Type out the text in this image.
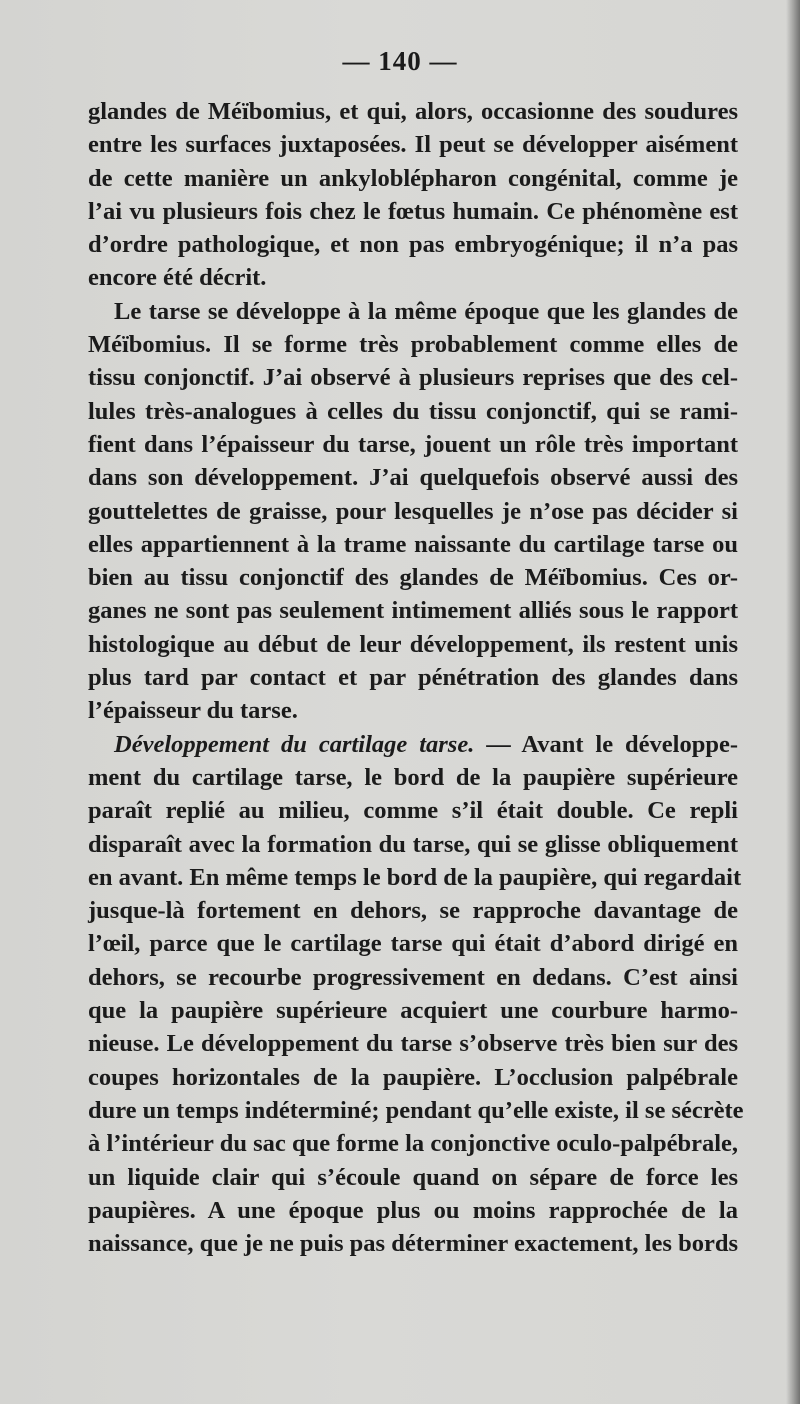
— 140 —
glandes de Méïbomius, et qui, alors, occasionne des soudures
entre les surfaces juxtaposées. Il peut se développer aisément
de cette manière un ankyloblépharon congénital, comme je
l’ai vu plusieurs fois chez le fœtus humain. Ce phénomène est
d’ordre pathologique, et non pas embryogénique; il n’a pas
encore été décrit.
Le tarse se développe à la même époque que les glandes de
Méïbomius. Il se forme très probablement comme elles de
tissu conjonctif. J’ai observé à plusieurs reprises que des cel-
lules très-analogues à celles du tissu conjonctif, qui se rami-
fient dans l’épaisseur du tarse, jouent un rôle très important
dans son développement. J’ai quelquefois observé aussi des
gouttelettes de graisse, pour lesquelles je n’ose pas décider si
elles appartiennent à la trame naissante du cartilage tarse ou
bien au tissu conjonctif des glandes de Méïbomius. Ces or-
ganes ne sont pas seulement intimement alliés sous le rapport
histologique au début de leur développement, ils restent unis
plus tard par contact et par pénétration des glandes dans
l’épaisseur du tarse.
Développement du cartilage tarse. — Avant le développe-
ment du cartilage tarse, le bord de la paupière supérieure
paraît replié au milieu, comme s’il était double. Ce repli
disparaît avec la formation du tarse, qui se glisse obliquement
en avant. En même temps le bord de la paupière, qui regardait
jusque-là fortement en dehors, se rapproche davantage de
l’œil, parce que le cartilage tarse qui était d’abord dirigé en
dehors, se recourbe progressivement en dedans. C’est ainsi
que la paupière supérieure acquiert une courbure harmo-
nieuse. Le développement du tarse s’observe très bien sur des
coupes horizontales de la paupière. L’occlusion palpébrale
dure un temps indéterminé; pendant qu’elle existe, il se sécrète
à l’intérieur du sac que forme la conjonctive oculo-palpébrale,
un liquide clair qui s’écoule quand on sépare de force les
paupières. A une époque plus ou moins rapprochée de la
naissance, que je ne puis pas déterminer exactement, les bords
